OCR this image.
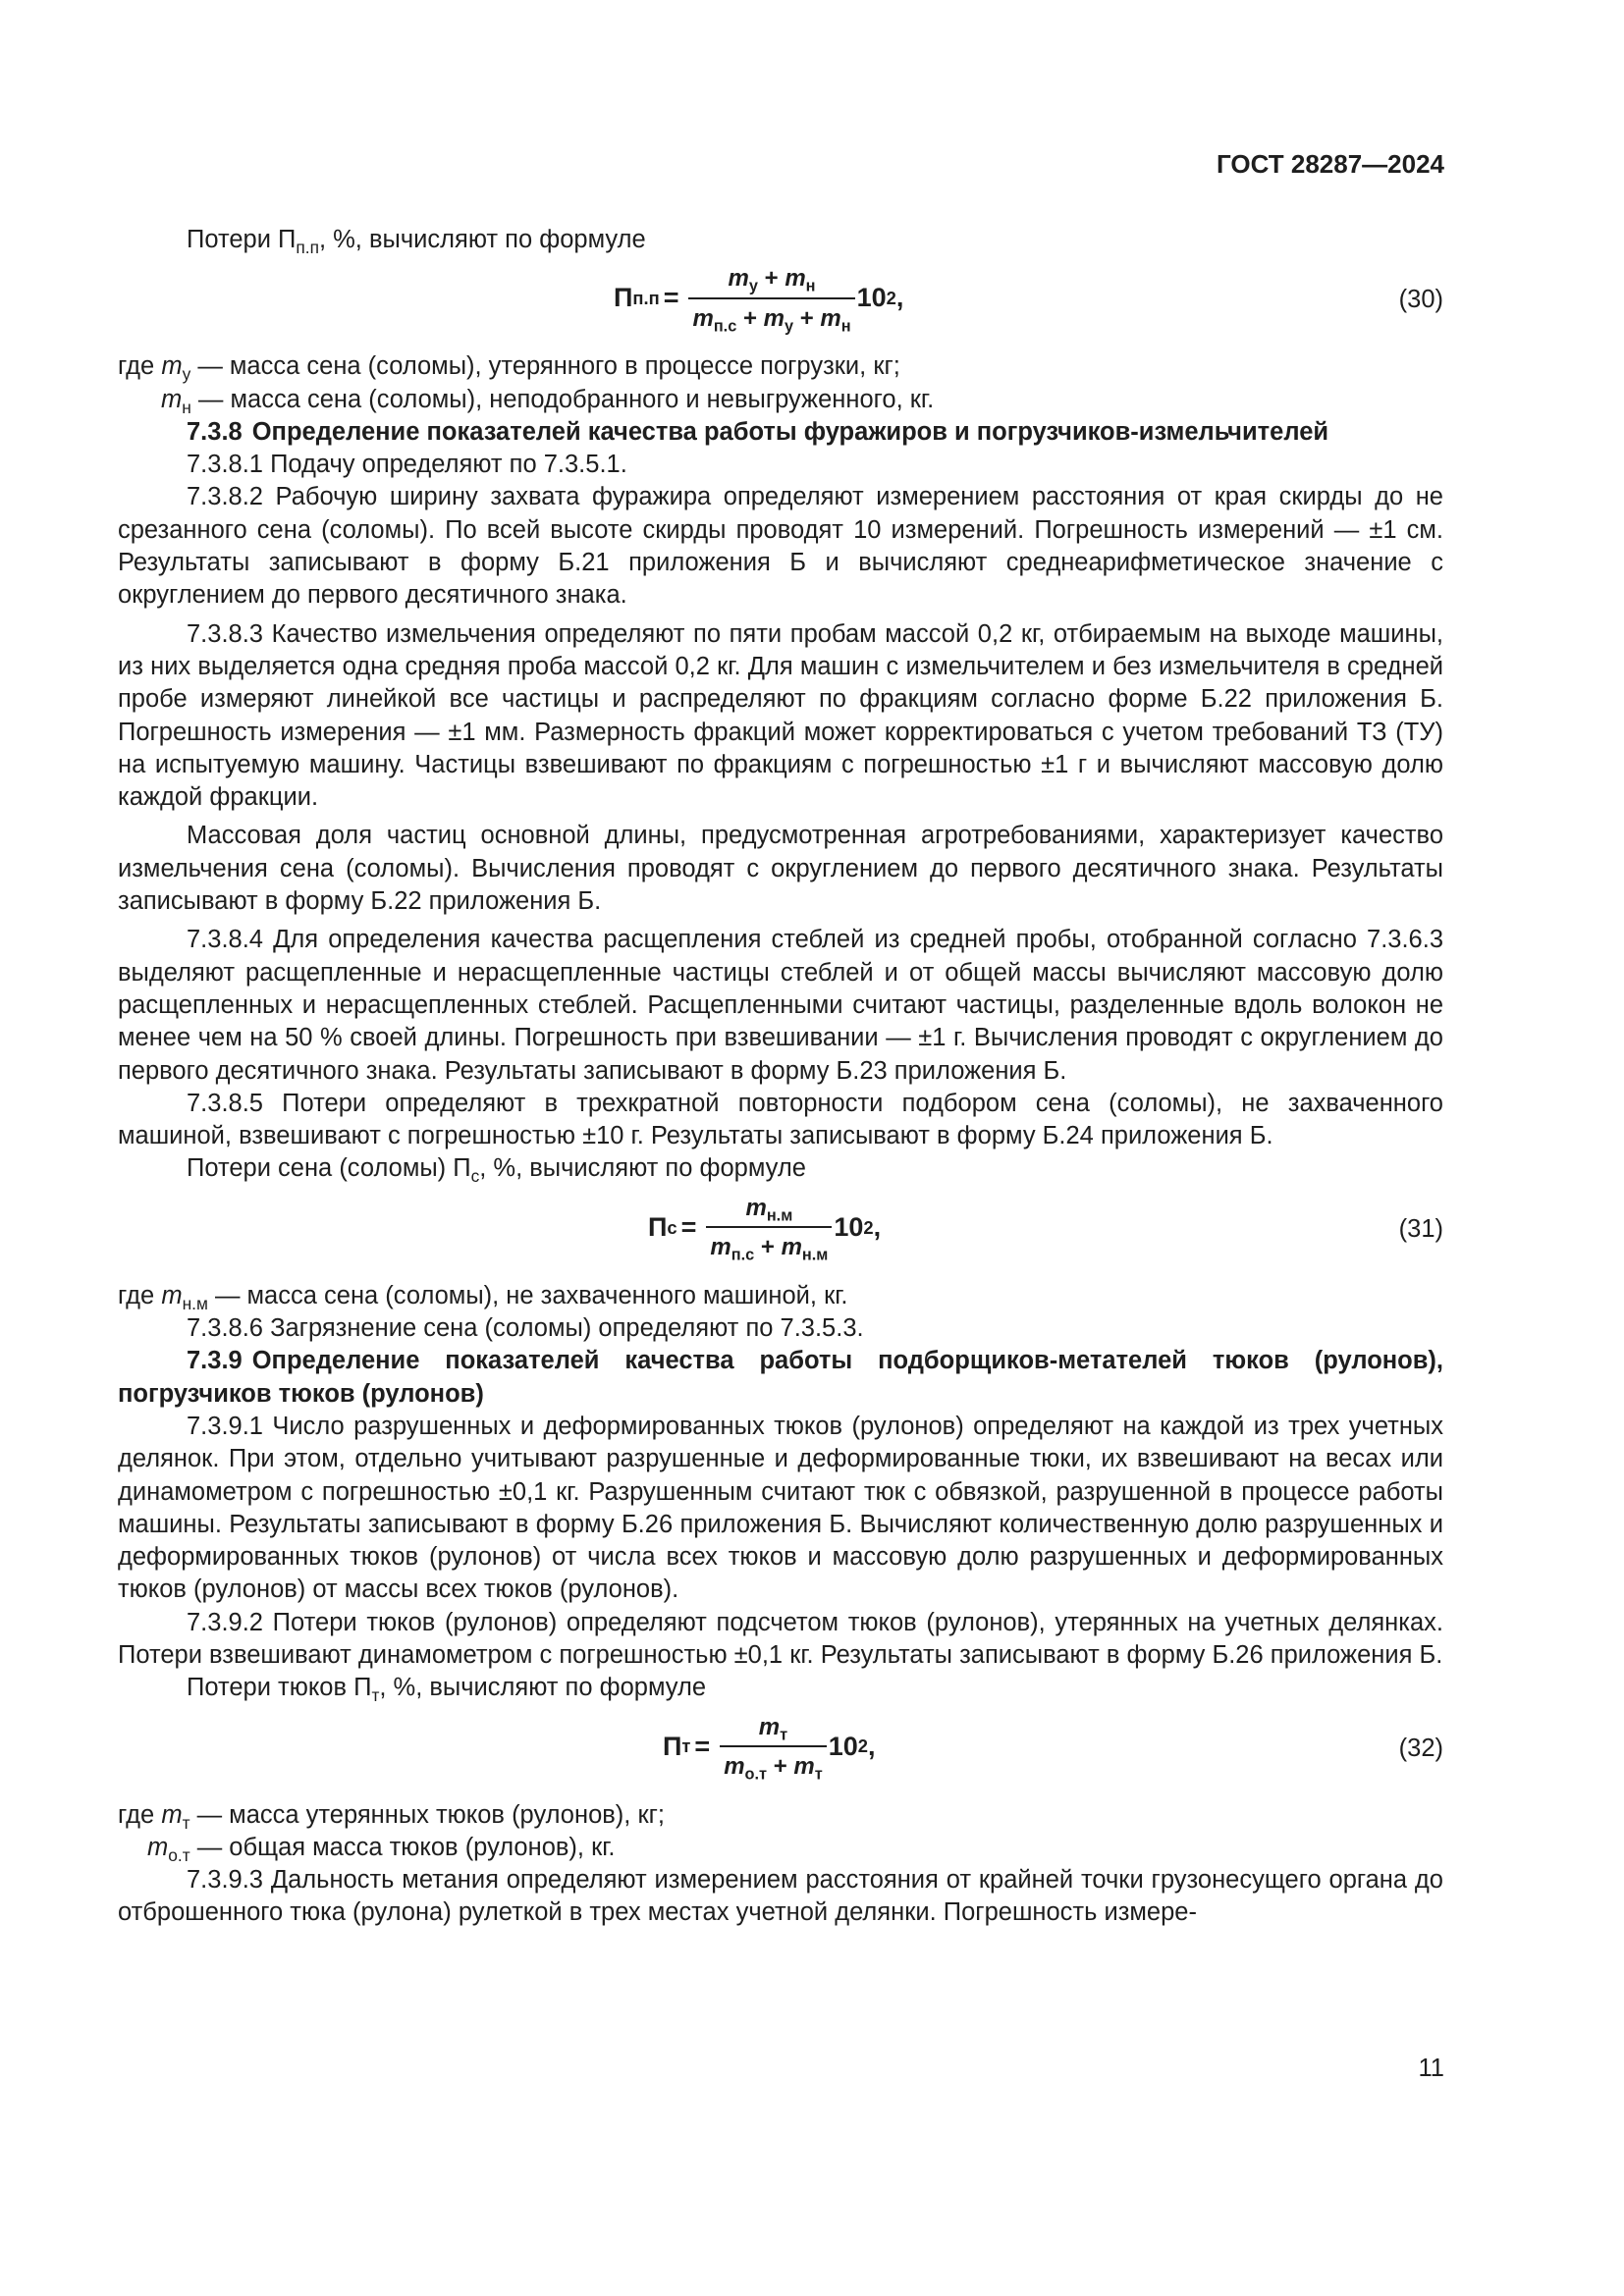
ГОСТ 28287—2024

Потери $П_{п.п}$, %, вычисляют по формуле

П $п.п = \frac{m_у + m_н}{m_{п.с} + m_у + m_н} 10$ 2 ,	(30)

где $m_у$ — масса сена (соломы), утерянного в процессе погрузки, кг;

$m_н$ — масса сена (соломы), неподобранного и невыгруженного, кг.

7.3.8 Определение показателей качества работы фуражиров и погрузчиков-измельчителей

7.3.8.1 Подачу определяют по 7.3.5.1.

7.3.8.2 Рабочую ширину захвата фуражира определяют измерением расстояния от края скирды до не срезанного сена (соломы). По всей высоте скирды проводят 10 измерений. Погрешность измерений — ±1 см. Результаты записывают в форму Б.21 приложения Б и вычисляют среднеарифметическое значение с округлением до первого десятичного знака.

7.3.8.3 Качество измельчения определяют по пяти пробам массой 0,2 кг, отбираемым на выходе машины, из них выделяется одна средняя проба массой 0,2 кг. Для машин с измельчителем и без измельчителя в средней пробе измеряют линейкой все частицы и распределяют по фракциям согласно форме Б.22 приложения Б. Погрешность измерения — ±1 мм. Размерность фракций может корректироваться с учетом требований ТЗ (ТУ) на испытуемую машину. Частицы взвешивают по фракциям с погрешностью ±1 г и вычисляют массовую долю каждой фракции.

Массовая доля частиц основной длины, предусмотренная агротребованиями, характеризует качество измельчения сена (соломы). Вычисления проводят с округлением до первого десятичного знака. Результаты записывают в форму Б.22 приложения Б.

7.3.8.4 Для определения качества расщепления стеблей из средней пробы, отобранной согласно 7.3.6.3 выделяют расщепленные и нерасщепленные частицы стеблей и от общей массы вычисляют массовую долю расщепленных и нерасщепленных стеблей. Расщепленными считают частицы, разделенные вдоль волокон не менее чем на 50 % своей длины. Погрешность при взвешивании — ±1 г. Вычисления проводят с округлением до первого десятичного знака. Результаты записывают в форму Б.23 приложения Б.

7.3.8.5 Потери определяют в трехкратной повторности подбором сена (соломы), не захваченного машиной, взвешивают с погрешностью ±10 г. Результаты записывают в форму Б.24 приложения Б.

Потери сена (соломы) $П_с$, %, вычисляют по формуле

П $с = \frac{m_{н.м}}{m_{п.с} + m_{н.м}} 10$ 2 ,	(31)

где $m_{н.м}$ — масса сена (соломы), не захваченного машиной, кг.

7.3.8.6 Загрязнение сена (соломы) определяют по 7.3.5.3.

7.3.9 Определение показателей качества работы подборщиков-метателей тюков (рулонов), погрузчиков тюков (рулонов)

7.3.9.1 Число разрушенных и деформированных тюков (рулонов) определяют на каждой из трех учетных делянок. При этом, отдельно учитывают разрушенные и деформированные тюки, их взвешивают на весах или динамометром с погрешностью ±0,1 кг. Разрушенным считают тюк с обвязкой, разрушенной в процессе работы машины. Результаты записывают в форму Б.26 приложения Б. Вычисляют количественную долю разрушенных и деформированных тюков (рулонов) от числа всех тюков и массовую долю разрушенных и деформированных тюков (рулонов) от массы всех тюков (рулонов).

7.3.9.2 Потери тюков (рулонов) определяют подсчетом тюков (рулонов), утерянных на учетных делянках. Потери взвешивают динамометром с погрешностью ±0,1 кг. Результаты записывают в форму Б.26 приложения Б.

Потери тюков $П_т$, %, вычисляют по формуле

П $т = \frac{m_т}{m_{о.т} + m_т} 10$ 2 ,	(32)

где $m_т$ — масса утерянных тюков (рулонов), кг;

$m_{о.т}$ — общая масса тюков (рулонов), кг.

7.3.9.3 Дальность метания определяют измерением расстояния от крайней точки грузонесущего органа до отброшенного тюка (рулона) рулеткой в трех местах учетной делянки. Погрешность измере-

11
